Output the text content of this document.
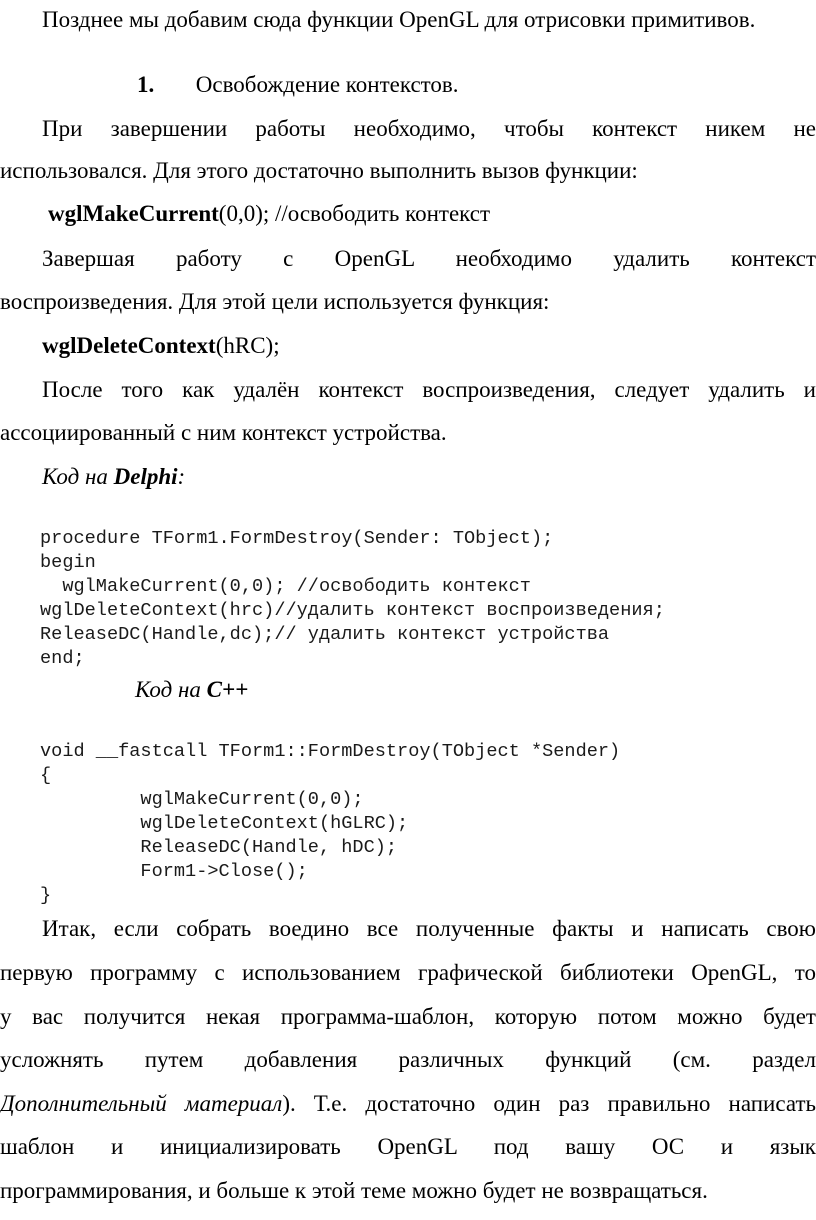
Позднее мы добавим сюда функции OpenGL для отрисовки примитивов.
1. Освобождение контекстов.
При завершении работы необходимо, чтобы контекст никем не
использовался. Для этого достаточно выполнить вызов функции:
wglMakeCurrent(0,0); //освободить контекст
Завершая работу с OpenGL необходимо удалить контекст
воспроизведения. Для этой цели используется функция:
wglDeleteContext(hRC);
После того как удалён контекст воспроизведения, следует удалить и
ассоциированный с ним контекст устройства.
Код на Delphi:

procedure TForm1.FormDestroy(Sender: TObject);
begin
wglMakeCurrent(0,0); //освободить контекст
wglDeleteContext(hrc)//удалить контекст воспроизведения;
ReleaseDC(Handle,dc);// удалить контекст устройства
end;

Код на C++

void __fastcall TForm1::FormDestroy(TObject *Sender)
{
wglMakeCurrent(0,0);
wglDeleteContext(hGLRC);
ReleaseDC(Handle, hDC);
Form1->Close();
}

Итак, если собрать воедино все полученные факты и написать свою
первую программу с использованием графической библиотеки OpenGL, то
у вас получится некая программа-шаблон, которую потом можно будет
усложнять путем добавления различных функций (см. раздел
Дополнительный материал). Т.е. достаточно один раз правильно написать
шаблон и инициализировать OpenGL под вашу ОС и язык
программирования, и больше к этой теме можно будет не возвращаться.
